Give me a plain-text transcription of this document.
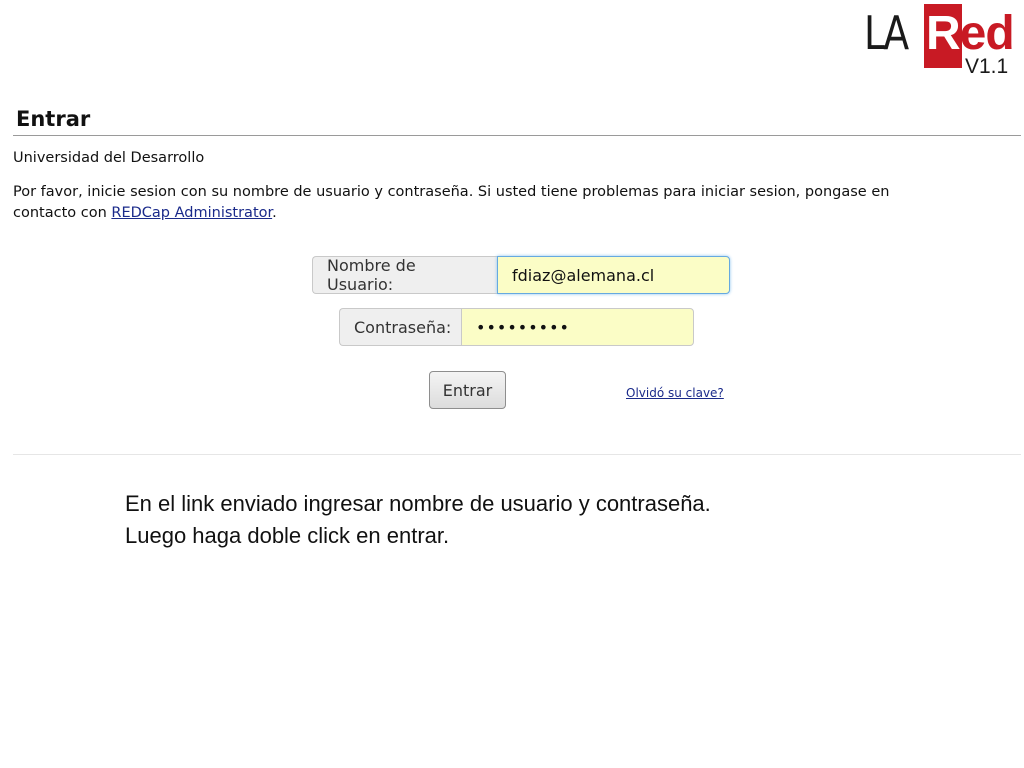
LA Red
V1.1
Entrar
Universidad del Desarrollo
Por favor, inicie sesion con su nombre de usuario y contraseña. Si usted tiene problemas para iniciar sesion, pongase en contacto con REDCap Administrator.
Nombre de Usuario:
fdiaz@alemana.cl
Contraseña:
•••••••••
Entrar	Olvidó su clave?
En el link enviado ingresar nombre de usuario y contraseña.
Luego haga doble click en entrar.
